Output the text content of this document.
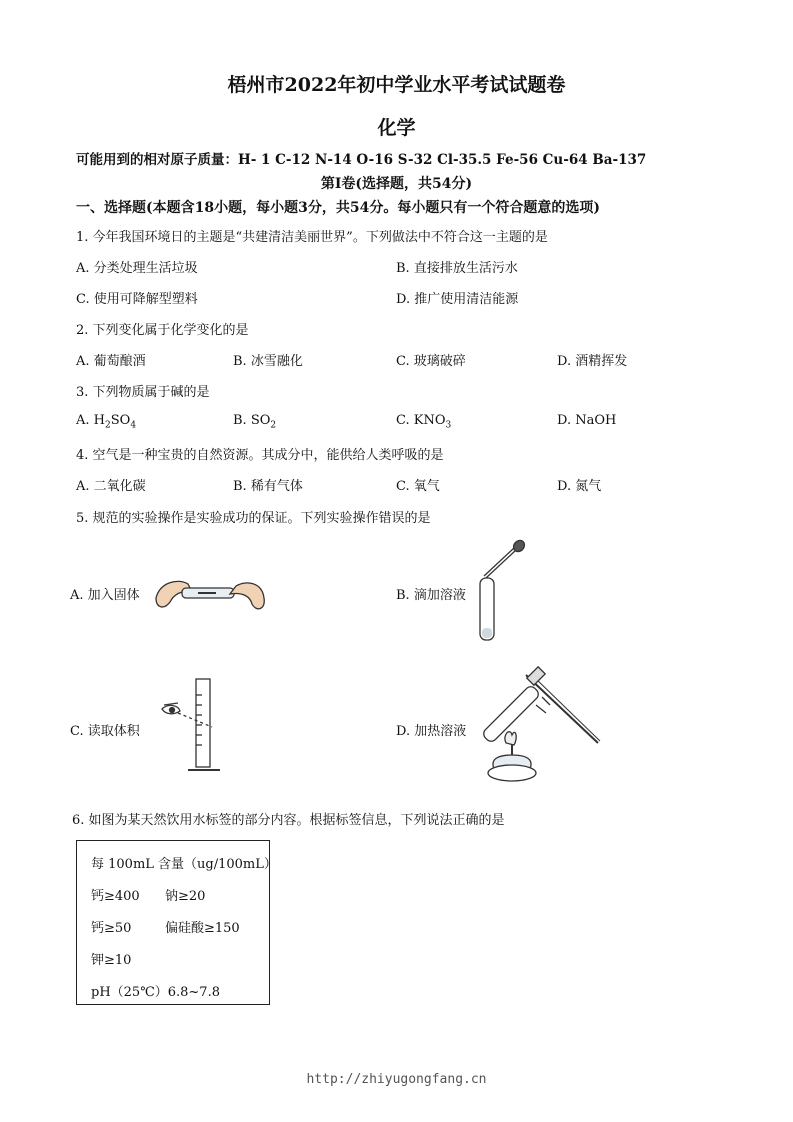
梧州市2022年初中学业水平考试试题卷
化学
可能用到的相对原子质量：H- 1 C-12 N-14 O-16 S-32 Cl-35.5 Fe-56 Cu-64 Ba-137
第Ⅰ卷(选择题，共54分)
一、选择题(本题含18小题，每小题3分，共54分。每小题只有一个符合题意的选项)
1. 今年我国环境日的主题是“共建清洁美丽世界”。下列做法中不符合这一主题的是
A. 分类处理生活垃圾	B. 直接排放生活污水
C. 使用可降解型塑料	D. 推广使用清洁能源
2. 下列变化属于化学变化的是
A. 葡萄酿酒	B. 冰雪融化	C. 玻璃破碎	D. 酒精挥发
3. 下列物质属于碱的是
A. $H_2SO_4$	B. $SO_2$	C. $KNO_3$	D. NaOH
4. 空气是一种宝贵的自然资源。其成分中，能供给人类呼吸的是
A. 二氧化碳	B. 稀有气体	C. 氧气	D. 氮气
5. 规范的实验操作是实验成功的保证。下列实验操作错误的是
A. 加入固体	B. 滴加溶液
C. 读取体积	D. 加热溶液
6. 如图为某天然饮用水标签的部分内容。根据标签信息，下列说法正确的是
每 100mL 含量（ug/100mL）
钙≥400 钠≥20
钙≥50	偏硅酸≥150
钾≥10
pH（25℃）6.8~7.8
http://zhiyugongfang.cn
